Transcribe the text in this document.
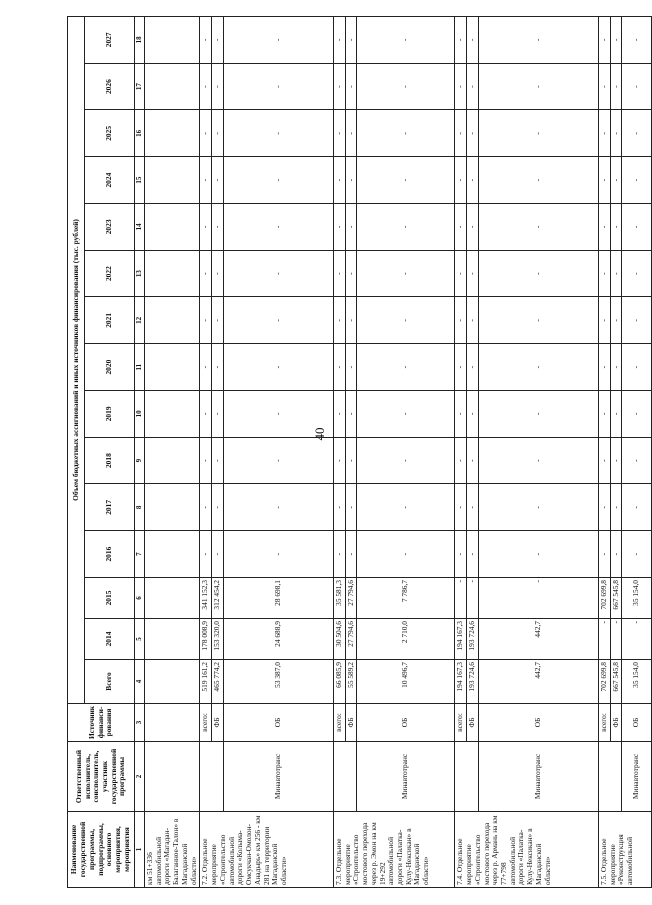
40
Наименование государственной программы, подпрограммы, основного мероприятия, мероприятия	Ответственный исполнитель, соисполнитель, участник государственной программы	Источник финанси-рования	Объем бюджетных ассигнований и иных источников финансирования (тыс. рублей)														
			Всего	2014	2015	2016	2017	2018	2019	2020	2021	2022	2023	2024	2025	2026	2027
1	2	3	4	5	6	7	8	9	10	11	12	13	14	15	16	17	18
км 51+336 автомобильной дороги «Магадан-Балаганное-Талон» в Магаданской области»																	
7.2. Отдельное мероприятие «Строительство автомобильной дороги «Колыма-Омсукчан-Омолон-Анадырь» км 256 - км 281 на территории Магаданской области»		всего:	519 161,2	178 008,9	341 152,3	-	-	-	-	-	-	-	-	-	-	-	-
		ФБ	465 774,2	153 320,0	312 454,2	-	-	-	-	-	-	-	-	-	-	-	-
	Минавтотранс	ОБ	53 387,0	24 688,9	28 698,1	-	-	-	-	-	-	-	-	-	-	-	-
7.3. Отдельное мероприятие «Строительство мостового перехода через р. Эмон на км 19+292 автомобильной дороги «Палатка-Кулу-Нексикан» в Магаданской области»		всего:	66 085,9	30 504,6	35 581,3	-	-	-	-	-	-	-	-	-	-	-	-
		ФБ	55 589,2	27 794,6	27 794,6	-	-	-	-	-	-	-	-	-	-	-	-
	Минавтотранс	ОБ	10 496,7	2 710,0	7 786,7	-	-	-	-	-	-	-	-	-	-	-	-
7.4. Отдельное мероприятие «Строительство мостового перехода через р. Армань на км 77+798 автомобильной дороги «Палатка-Кулу-Нексикан» в Магаданской области»		всего:	194 167,3	194 167,3	-	-	-	-	-	-	-	-	-	-	-	-	-
		ФБ	193 724,6	193 724,6	-	-	-	-	-	-	-	-	-	-	-	-	-
	Минавтотранс	ОБ	442,7	442,7	-	-	-	-	-	-	-	-	-	-	-	-	-
7.5. Отдельное мероприятие «Реконструкция автомобильной		всего:	702 699,8	-	702 699,8	-	-	-	-	-	-	-	-	-	-	-	-
		ФБ	667 545,8	-	667 545,8	-	-	-	-	-	-	-	-	-	-	-	-
	Минавтотранс	ОБ	35 154,0	-	35 154,0	-	-	-	-	-	-	-	-	-	-	-	-
